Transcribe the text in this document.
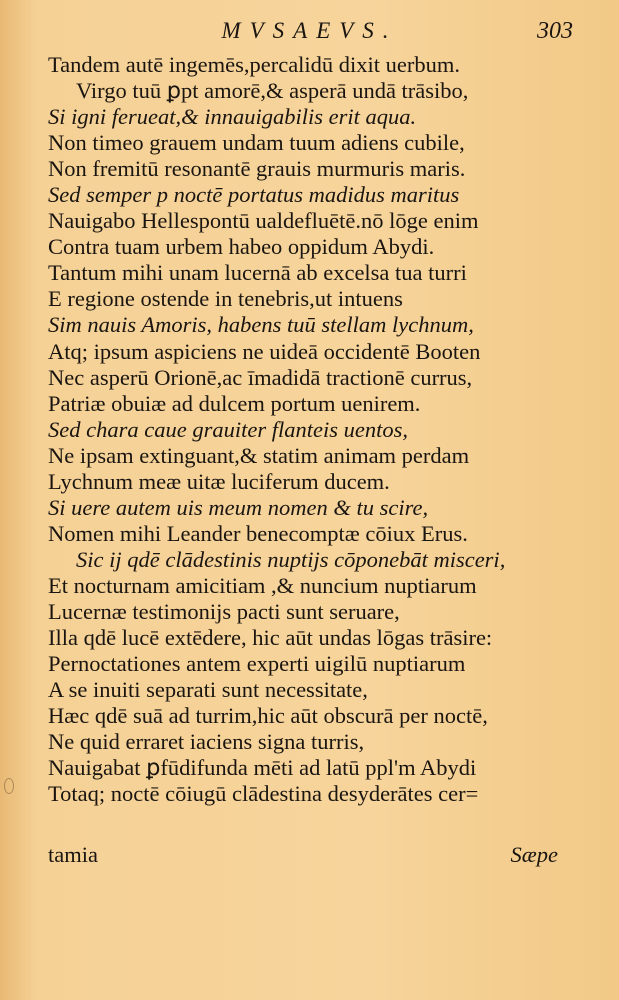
MVSAEVS.	303
Tandem autē ingemēs,percalidū dixit uerbum.
Virgo tuū ꝑpt amorē,& asperā undā trāsibo,
Si igni ferueat,& innauigabilis erit aqua.
Non timeo grauem undam tuum adiens cubile,
Non fremitū resonantē grauis murmuris maris.
Sed semper p noctē portatus madidus maritus
Nauigabo Hellespontū ualdefluētē.nō lōge enim
Contra tuam urbem habeo oppidum Abydi.
Tantum mihi unam lucernā ab excelsa tua turri
E regione ostende in tenebris,ut intuens
Sim nauis Amoris, habens tuū stellam lychnum,
Atq; ipsum aspiciens ne uideā occidentē Booten
Nec asperū Orionē,ac īmadidā tractionē currus,
Patriæ obuiæ ad dulcem portum uenirem.
Sed chara caue grauiter flanteis uentos,
Ne ipsam extinguant,& statim animam perdam
Lychnum meæ uitæ luciferum ducem.
Si uere autem uis meum nomen & tu scire,
Nomen mihi Leander benecomptæ cōiux Erus.
Sic ij qdē clādestinis nuptijs cōponebāt misceri,
Et nocturnam amicitiam ,& nuncium nuptiarum
Lucernæ testimonijs pacti sunt seruare,
Illa qdē lucē extēdere, hic aūt undas lōgas trāsire:
Pernoctationes antem experti uigilū nuptiarum
A se inuiti separati sunt necessitate,
Hæc qdē suā ad turrim,hic aūt obscurā per noctē,
Ne quid erraret iaciens signa turris,
Nauigabat ꝑfūdifunda mēti ad latū ppl'm Abydi
Totaq; noctē cōiugū clādestina desyderātes cer=
tamia	Sæpe
